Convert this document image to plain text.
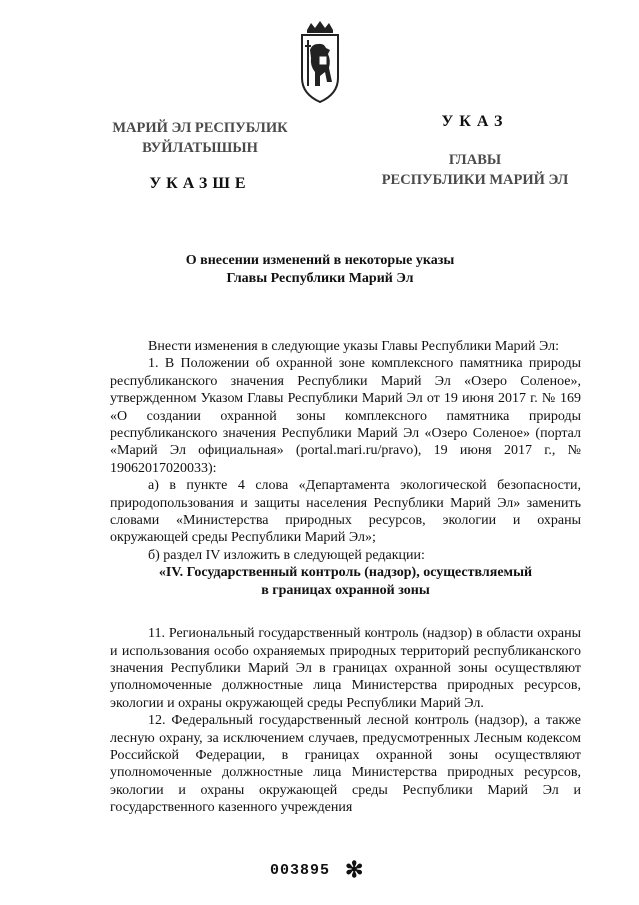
МАРИЙ ЭЛ РЕСПУБЛИК
ВУЙЛАТЫШЫН
УКАЗШЕ
УКАЗ
ГЛАВЫ
РЕСПУБЛИКИ МАРИЙ ЭЛ
О внесении изменений в некоторые указы
Главы Республики Марий Эл

Внести изменения в следующие указы Главы Республики Марий Эл:

1. В Положении об охранной зоне комплексного памятника природы республиканского значения Республики Марий Эл «Озеро Соленое», утвержденном Указом Главы Республики Марий Эл от 19 июня 2017 г. № 169 «О создании охранной зоны комплексного памятника природы республиканского значения Республики Марий Эл «Озеро Соленое» (портал «Марий Эл официальная» (portal.mari.ru/pravo), 19 июня 2017 г., № 19062017020033):

а) в пункте 4 слова «Департамента экологической безопасности, природопользования и защиты населения Республики Марий Эл» заменить словами «Министерства природных ресурсов, экологии и охраны окружающей среды Республики Марий Эл»;

б) раздел IV изложить в следующей редакции:

«IV. Государственный контроль (надзор), осуществляемый

в границах охранной зоны

11. Региональный государственный контроль (надзор) в области охраны и использования особо охраняемых природных территорий республиканского значения Республики Марий Эл в границах охранной зоны осуществляют уполномоченные должностные лица Министерства природных ресурсов, экологии и охраны окружающей среды Республики Марий Эл.

12. Федеральный государственный лесной контроль (надзор), а также лесную охрану, за исключением случаев, предусмотренных Лесным кодексом Российской Федерации, в границах охранной зоны осуществляют уполномоченные должностные лица Министерства природных ресурсов, экологии и охраны окружающей среды Республики Марий Эл и государственного казенного учреждения

003895 ✻
